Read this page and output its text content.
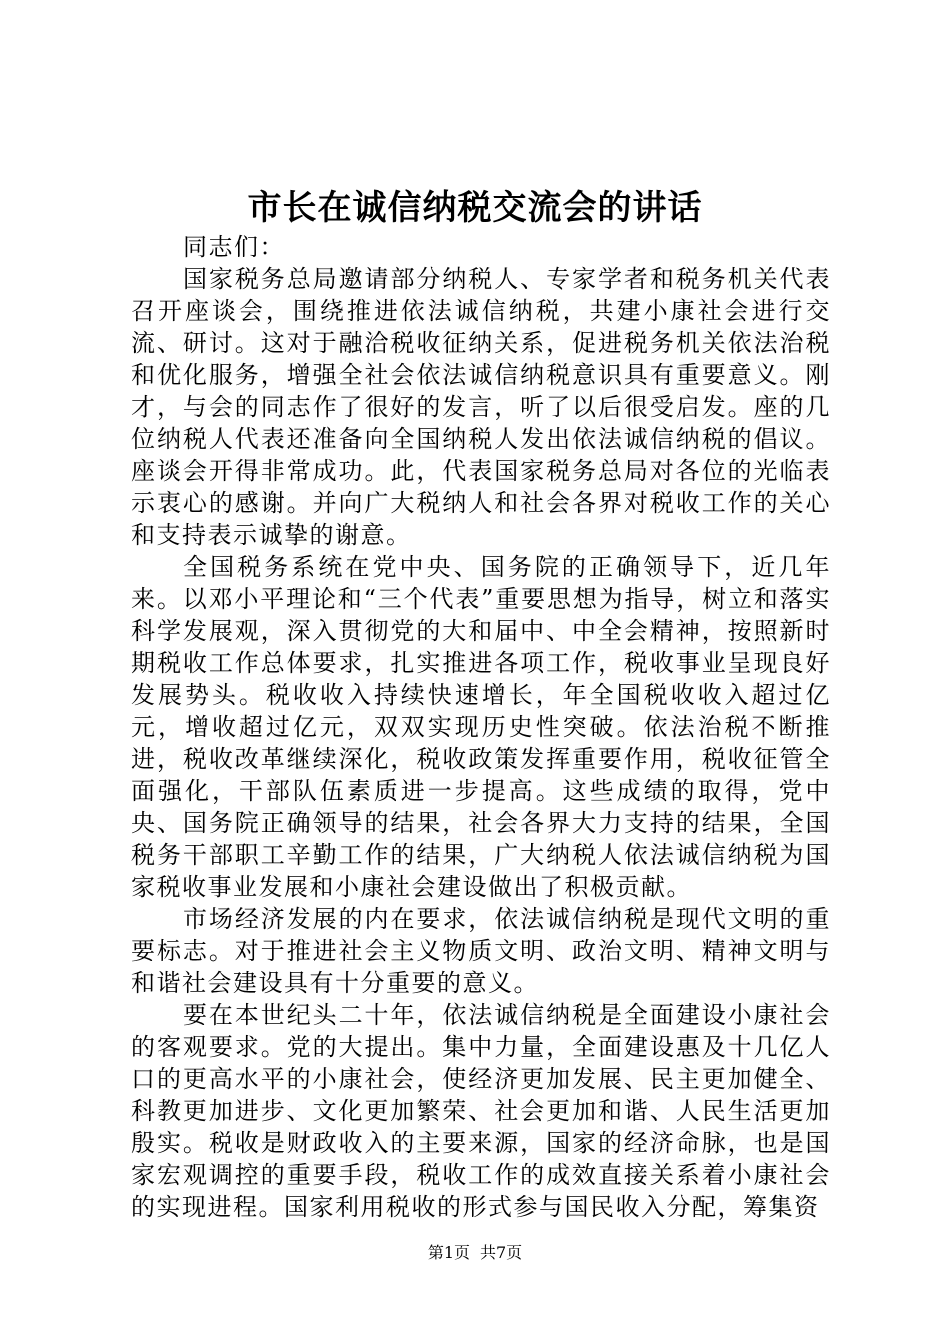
市长在诚信纳税交流会的讲话

同志们：

国家税务总局邀请部分纳税人、专家学者和税务机关代表召开座谈会，围绕推进依法诚信纳税，共建小康社会进行交流、研讨。这对于融洽税收征纳关系，促进税务机关依法治税和优化服务，增强全社会依法诚信纳税意识具有重要意义。刚才，与会的同志作了很好的发言，听了以后很受启发。座的几位纳税人代表还准备向全国纳税人发出依法诚信纳税的倡议。座谈会开得非常成功。此，代表国家税务总局对各位的光临表示衷心的感谢。并向广大税纳人和社会各界对税收工作的关心和支持表示诚挚的谢意。

全国税务系统在党中央、国务院的正确领导下，近几年来。以邓小平理论和“三个代表”重要思想为指导，树立和落实科学发展观，深入贯彻党的大和届中、中全会精神，按照新时期税收工作总体要求，扎实推进各项工作，税收事业呈现良好发展势头。税收收入持续快速增长，年全国税收收入超过亿元，增收超过亿元，双双实现历史性突破。依法治税不断推进，税收改革继续深化，税收政策发挥重要作用，税收征管全面强化，干部队伍素质进一步提高。这些成绩的取得，党中央、国务院正确领导的结果，社会各界大力支持的结果，全国税务干部职工辛勤工作的结果，广大纳税人依法诚信纳税为国家税收事业发展和小康社会建设做出了积极贡献。

市场经济发展的内在要求，依法诚信纳税是现代文明的重要标志。对于推进社会主义物质文明、政治文明、精神文明与和谐社会建设具有十分重要的意义。

要在本世纪头二十年，依法诚信纳税是全面建设小康社会的客观要求。党的大提出。集中力量，全面建设惠及十几亿人口的更高水平的小康社会，使经济更加发展、民主更加健全、科教更加进步、文化更加繁荣、社会更加和谐、人民生活更加殷实。税收是财政收入的主要来源，国家的经济命脉，也是国家宏观调控的重要手段，税收工作的成效直接关系着小康社会的实现进程。国家利用税收的形式参与国民收入分配，筹集资

第1页 共7页
